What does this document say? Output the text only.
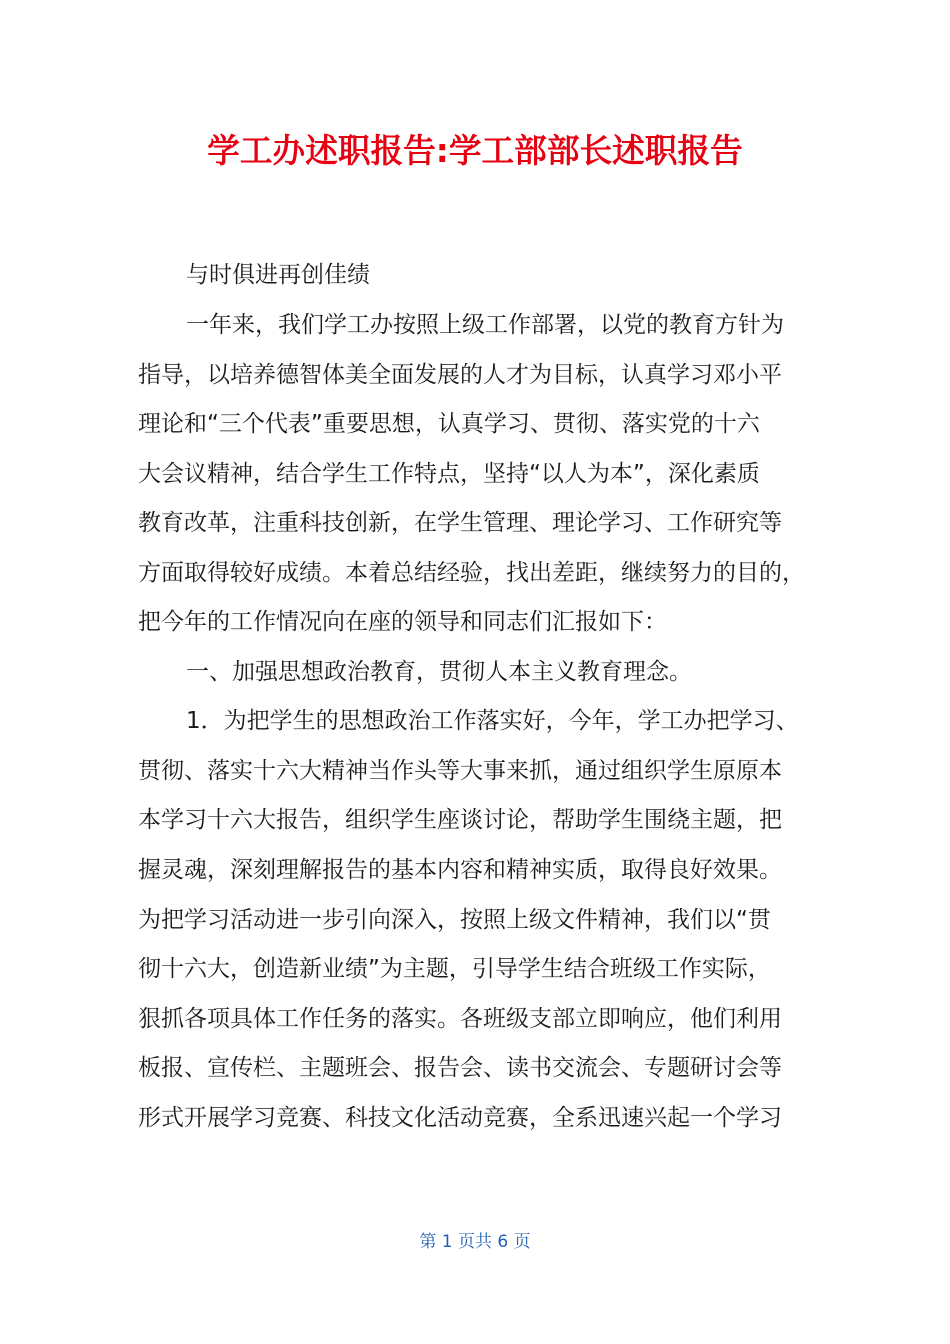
学工办述职报告:学工部部长述职报告
与时俱进再创佳绩
一年来，我们学工办按照上级工作部署，以党的教育方针为
指导，以培养德智体美全面发展的人才为目标，认真学习邓小平
理论和“三个代表”重要思想，认真学习、贯彻、落实党的十六
大会议精神，结合学生工作特点，坚持“以人为本”，深化素质
教育改革，注重科技创新，在学生管理、理论学习、工作研究等
方面取得较好成绩。本着总结经验，找出差距，继续努力的目的，
把今年的工作情况向在座的领导和同志们汇报如下：
一、加强思想政治教育，贯彻人本主义教育理念。
1．为把学生的思想政治工作落实好，今年，学工办把学习、
贯彻、落实十六大精神当作头等大事来抓，通过组织学生原原本
本学习十六大报告，组织学生座谈讨论，帮助学生围绕主题，把
握灵魂，深刻理解报告的基本内容和精神实质，取得良好效果。
为把学习活动进一步引向深入，按照上级文件精神，我们以“贯
彻十六大，创造新业绩”为主题，引导学生结合班级工作实际，
狠抓各项具体工作任务的落实。各班级支部立即响应，他们利用
板报、宣传栏、主题班会、报告会、读书交流会、专题研讨会等
形式开展学习竞赛、科技文化活动竞赛，全系迅速兴起一个学习
第 1 页共 6 页
